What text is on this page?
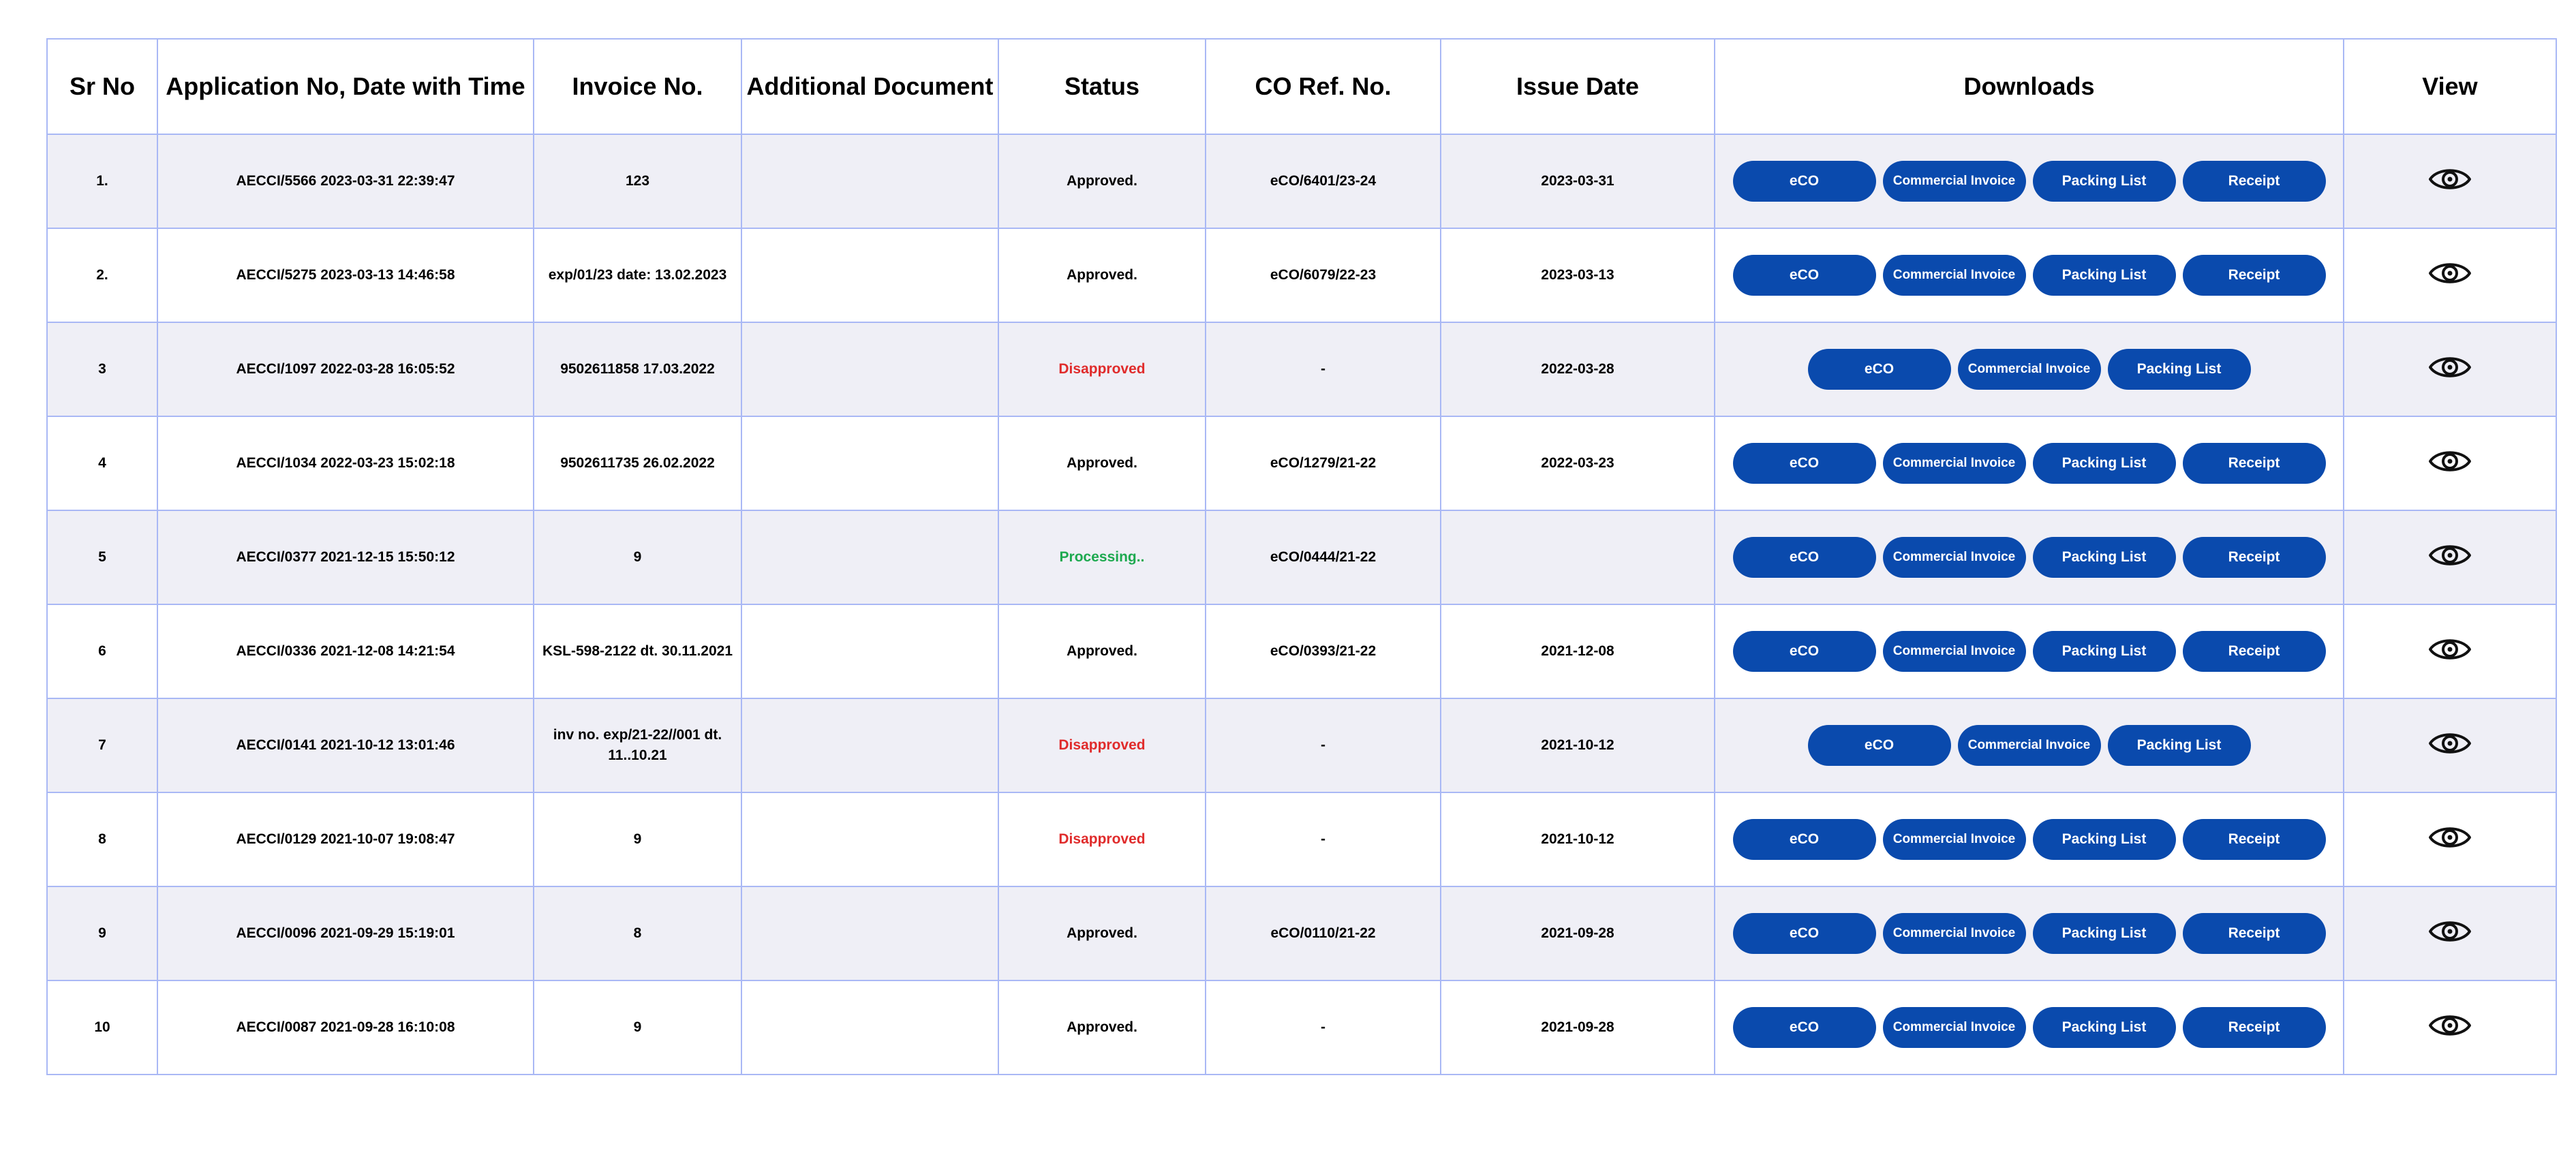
Sr No	Application No, Date with Time	Invoice No.	Additional Document	Status	CO Ref. No.	Issue Date	Downloads	View
1.	AECCI/5566 2023-03-31 22:39:47	123		Approved.	eCO/6401/23-24	2023-03-31	eCO Commercial Invoice Packing List Receipt

2.	AECCI/5275 2023-03-13 14:46:58	exp/01/23 date: 13.02.2023		Approved.	eCO/6079/22-23	2023-03-13	eCO Commercial Invoice Packing List Receipt

3	AECCI/1097 2022-03-28 16:05:52	9502611858 17.03.2022		Disapproved	-	2022-03-28	eCO Commercial Invoice Packing List

4	AECCI/1034 2022-03-23 15:02:18	9502611735 26.02.2022		Approved.	eCO/1279/21-22	2022-03-23	eCO Commercial Invoice Packing List Receipt

5	AECCI/0377 2021-12-15 15:50:12	9		Processing..	eCO/0444/21-22		eCO Commercial Invoice Packing List Receipt

6	AECCI/0336 2021-12-08 14:21:54	KSL-598-2122 dt. 30.11.2021		Approved.	eCO/0393/21-22	2021-12-08	eCO Commercial Invoice Packing List Receipt

7	AECCI/0141 2021-10-12 13:01:46	inv no. exp/21-22//001 dt. 11..10.21		Disapproved	-	2021-10-12	eCO Commercial Invoice Packing List

8	AECCI/0129 2021-10-07 19:08:47	9		Disapproved	-	2021-10-12	eCO Commercial Invoice Packing List Receipt

9	AECCI/0096 2021-09-29 15:19:01	8		Approved.	eCO/0110/21-22	2021-09-28	eCO Commercial Invoice Packing List Receipt

10	AECCI/0087 2021-09-28 16:10:08	9		Approved.	-	2021-09-28	eCO Commercial Invoice Packing List Receipt
